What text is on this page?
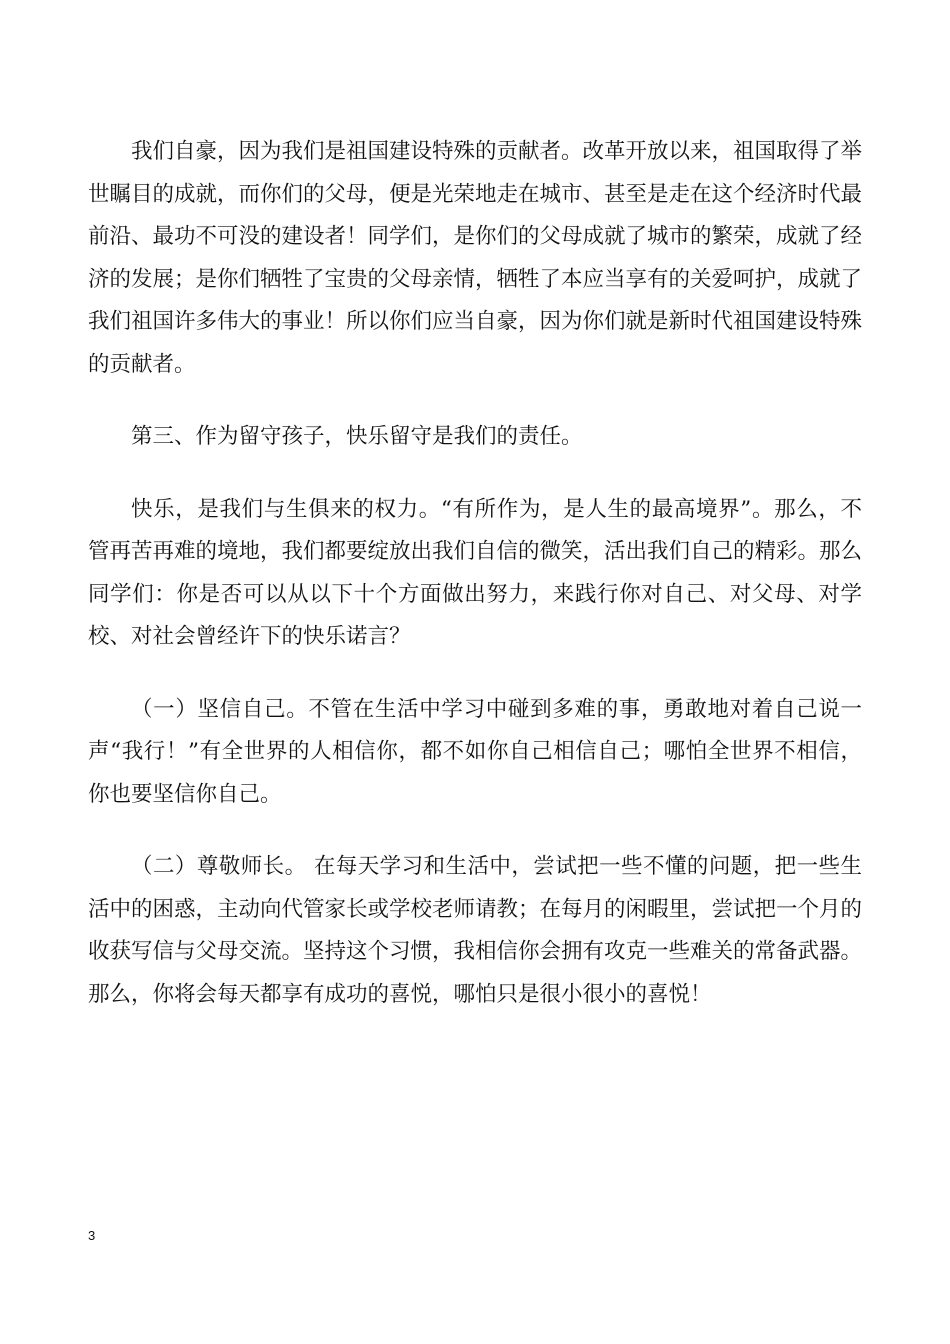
我们自豪，因为我们是祖国建设特殊的贡献者。改革开放以来，祖国取得了举世瞩目的成就，而你们的父母，便是光荣地走在城市、甚至是走在这个经济时代最前沿、最功不可没的建设者！同学们，是你们的父母成就了城市的繁荣，成就了经济的发展；是你们牺牲了宝贵的父母亲情，牺牲了本应当享有的关爱呵护，成就了我们祖国许多伟大的事业！所以你们应当自豪，因为你们就是新时代祖国建设特殊的贡献者。

第三、作为留守孩子，快乐留守是我们的责任。

快乐，是我们与生俱来的权力。“有所作为，是人生的最高境界”。那么，不管再苦再难的境地，我们都要绽放出我们自信的微笑，活出我们自己的精彩。那么同学们：你是否可以从以下十个方面做出努力，来践行你对自己、对父母、对学校、对社会曾经许下的快乐诺言？

（一）坚信自己。不管在生活中学习中碰到多难的事，勇敢地对着自己说一声“我行！”有全世界的人相信你，都不如你自己相信自己；哪怕全世界不相信，你也要坚信你自己。

（二）尊敬师长。 在每天学习和生活中，尝试把一些不懂的问题，把一些生活中的困惑，主动向代管家长或学校老师请教；在每月的闲暇里，尝试把一个月的收获写信与父母交流。坚持这个习惯，我相信你会拥有攻克一些难关的常备武器。那么，你将会每天都享有成功的喜悦，哪怕只是很小很小的喜悦！

3
